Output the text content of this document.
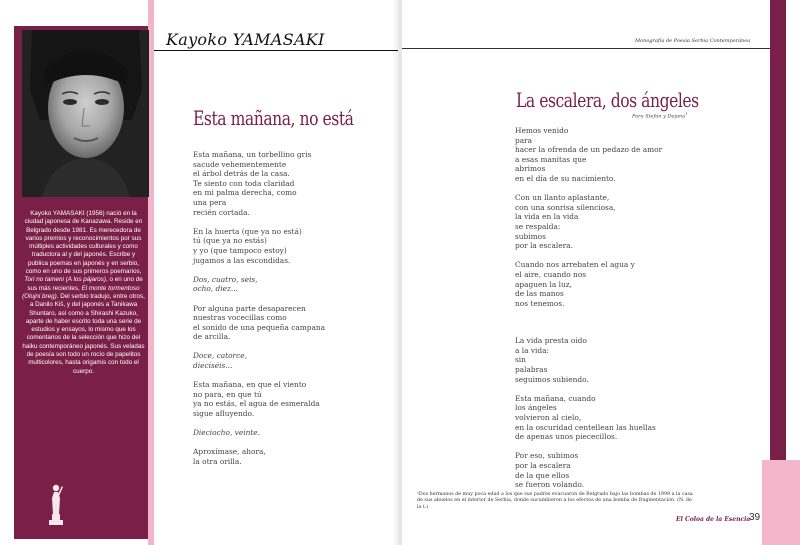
Kayoko YAMASAKI (1956) nació en la ciudad japonesa de Kanazawa. Reside en Belgrado desde 1981. Es merecedora de varios premios y reconocimientos por sus múltiples actividades culturales y como traductora al y del japonés. Escribe y publica poemas en japonés y en serbio, como en uno de sus primeros poemarios, Tori no tameni (A los pájaros), o en uno de sus más recientes, El monte tormentoso (Olujni breg). Del serbio tradujo, entre otros, a Danilo Kiš, y del japonés a Tanikawa Shuntaro, así como a Shirashi Kazuko, aparte de haber escrito toda una serie de estudios y ensayos, lo mismo que los comentarios de la selección que hizo del haiku contemporáneo japonés. Sus veladas de poesía son todo un rocío de papelitos multicolores, hasta origamis con todo el cuerpo.

Kayoko YAMASAKI
Esta mañana, no está

Esta mañana, un torbellino gris

sacude vehementemente

el árbol detrás de la casa.

Te siento con toda claridad

en mi palma derecha, como

una pera

recién cortada.

En la huerta (que ya no está)

tú (que ya no estás)

y yo (que tampoco estoy)

jugamos a las escondidas.

Dos, cuatro, seis,

ocho, diez...

Por alguna parte desaparecen

nuestras vocecillas como

el sonido de una pequeña campana

de arcilla.

Doce, catorce,

dieciséis...

Esta mañana, en que el viento

no para, en que tú

ya no estás, el agua de esmeralda

sigue afluyendo.

Dieciocho, veinte.

Aproxímase, ahora,

la otra orilla.

Monografía de Poesía Serbia Contemporánea
La escalera, dos ángeles
Para Stefan y Dejana$^1$

Hemos venido

para

hacer la ofrenda de un pedazo de amor

a esas manitas que

abrimos

en el día de su nacimiento.

Con un llanto aplastante,

con una sonrisa silenciosa,

la vida en la vida

se respalda:

subimos

por la escalera.

Cuando nos arrebaten el agua y

el aire, cuando nos

apaguen la luz,

de las manos

nos tenemos.

La vida presta oído

a la vida:

sin

palabras

seguimos subiendo.

Esta mañana, cuando

los ángeles

volvieron al cielo,

en la oscuridad centellean las huellas

de apenas unos piececillos.

Por eso, subimos

por la escalera

de la que ellos

se fueron volando.

¹Dos hermanos de muy poca edad a los que sus padres evacuaron de Belgrado bajo las bombas de 1999 a la casa de sus abuelos en el interior de Serbia, donde sucumbieron a los efectos de una bomba de fragmentación. (N. de la t.)
El Coloa de la Esencia
39
